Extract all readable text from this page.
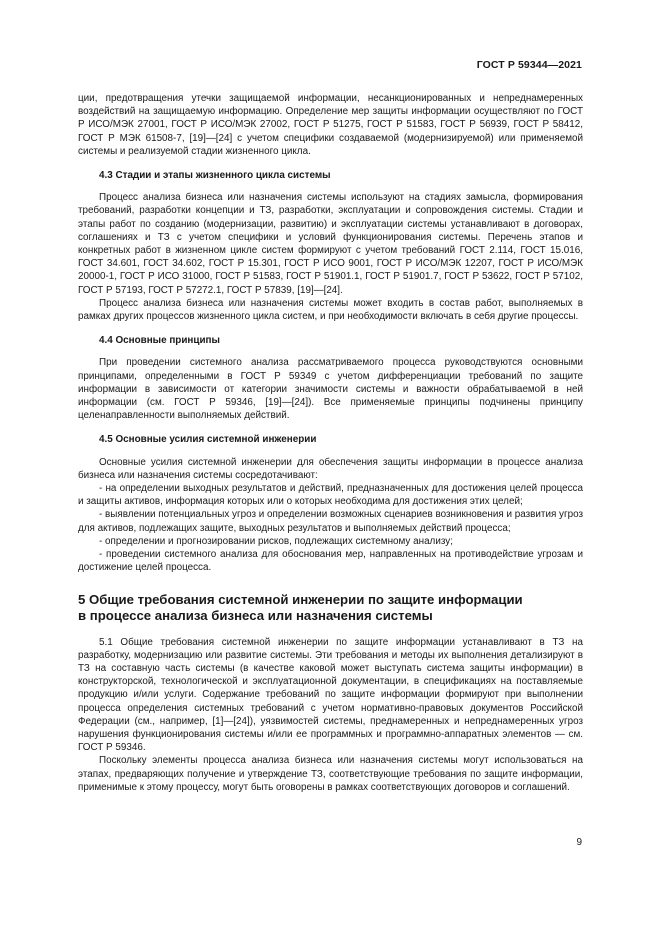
ГОСТ Р 59344—2021

ции, предотвращения утечки защищаемой информации, несанкционированных и непреднамеренных воздействий на защищаемую информацию. Определение мер защиты информации осуществляют по ГОСТ Р ИСО/МЭК 27001, ГОСТ Р ИСО/МЭК 27002, ГОСТ Р 51275, ГОСТ Р 51583, ГОСТ Р 56939, ГОСТ Р 58412, ГОСТ Р МЭК 61508-7, [19]—[24] с учетом специфики создаваемой (модернизируемой) или применяемой системы и реализуемой стадии жизненного цикла.

4.3 Стадии и этапы жизненного цикла системы

Процесс анализа бизнеса или назначения системы используют на стадиях замысла, формирования требований, разработки концепции и ТЗ, разработки, эксплуатации и сопровождения системы. Стадии и этапы работ по созданию (модернизации, развитию) и эксплуатации системы устанавливают в договорах, соглашениях и ТЗ с учетом специфики и условий функционирования системы. Перечень этапов и конкретных работ в жизненном цикле систем формируют с учетом требований ГОСТ 2.114, ГОСТ 15.016, ГОСТ 34.601, ГОСТ 34.602, ГОСТ Р 15.301, ГОСТ Р ИСО 9001, ГОСТ Р ИСО/МЭК 12207, ГОСТ Р ИСО/МЭК 20000-1, ГОСТ Р ИСО 31000, ГОСТ Р 51583, ГОСТ Р 51901.1, ГОСТ Р 51901.7, ГОСТ Р 53622, ГОСТ Р 57102, ГОСТ Р 57193, ГОСТ Р 57272.1, ГОСТ Р 57839, [19]—[24].

Процесс анализа бизнеса или назначения системы может входить в состав работ, выполняемых в рамках других процессов жизненного цикла систем, и при необходимости включать в себя другие процессы.

4.4 Основные принципы

При проведении системного анализа рассматриваемого процесса руководствуются основными принципами, определенными в ГОСТ Р 59349 с учетом дифференциации требований по защите информации в зависимости от категории значимости системы и важности обрабатываемой в ней информации (см. ГОСТ Р 59346, [19]—[24]). Все применяемые принципы подчинены принципу целенаправленности выполняемых действий.

4.5 Основные усилия системной инженерии

Основные усилия системной инженерии для обеспечения защиты информации в процессе анализа бизнеса или назначения системы сосредотачивают:

- на определении выходных результатов и действий, предназначенных для достижения целей процесса и защиты активов, информация которых или о которых необходима для достижения этих целей;

- выявлении потенциальных угроз и определении возможных сценариев возникновения и развития угроз для активов, подлежащих защите, выходных результатов и выполняемых действий процесса;

- определении и прогнозировании рисков, подлежащих системному анализу;

- проведении системного анализа для обоснования мер, направленных на противодействие угрозам и достижение целей процесса.

5 Общие требования системной инженерии по защите информации
в процессе анализа бизнеса или назначения системы

5.1 Общие требования системной инженерии по защите информации устанавливают в ТЗ на разработку, модернизацию или развитие системы. Эти требования и методы их выполнения детализируют в ТЗ на составную часть системы (в качестве каковой может выступать система защиты информации) в конструкторской, технологической и эксплуатационной документации, в спецификациях на поставляемые продукцию и/или услуги. Содержание требований по защите информации формируют при выполнении процесса определения системных требований с учетом нормативно-правовых документов Российской Федерации (см., например, [1]—[24]), уязвимостей системы, преднамеренных и непреднамеренных угроз нарушения функционирования системы и/или ее программных и программно-аппаратных элементов — см. ГОСТ Р 59346.

Поскольку элементы процесса анализа бизнеса или назначения системы могут использоваться на этапах, предваряющих получение и утверждение ТЗ, соответствующие требования по защите информации, применимые к этому процессу, могут быть оговорены в рамках соответствующих договоров и соглашений.

9
